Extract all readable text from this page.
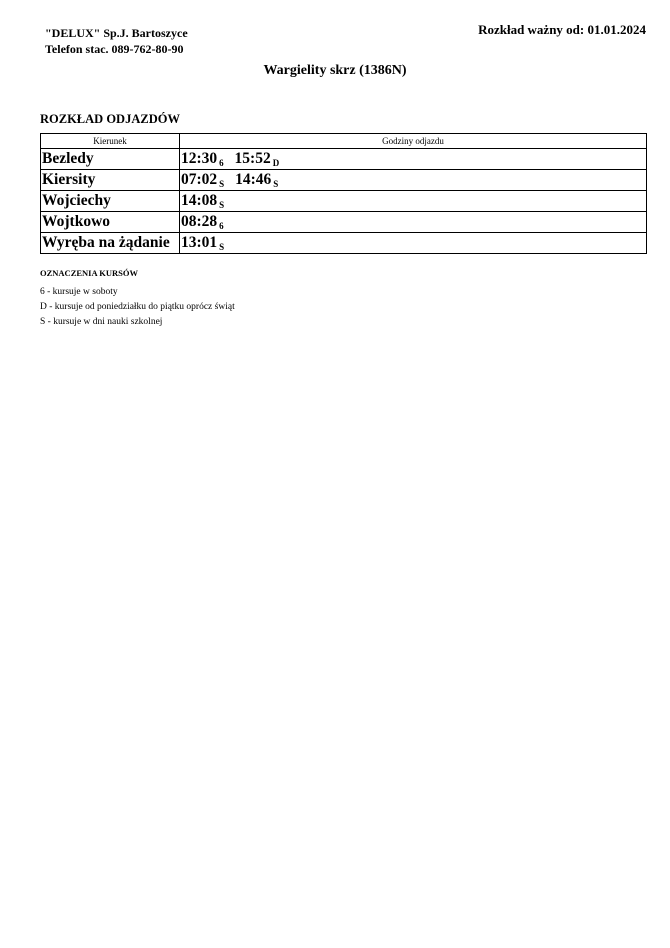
"DELUX" Sp.J. Bartoszyce
Telefon stac. 089-762-80-90
Rozkład ważny od: 01.01.2024
Wargielity skrz (1386N)
ROZKŁAD ODJAZDÓW
Kierunek	Godziny odjazdu
Bezledy	12:30 6 15:52 D
Kiersity	07:02 S 14:46 S
Wojciechy	14:08 S
Wojtkowo	08:28 6
Wyręba na żądanie	13:01 S
OZNACZENIA KURSÓW
6 - kursuje w soboty
D - kursuje od poniedziałku do piątku oprócz świąt
S - kursuje w dni nauki szkolnej
